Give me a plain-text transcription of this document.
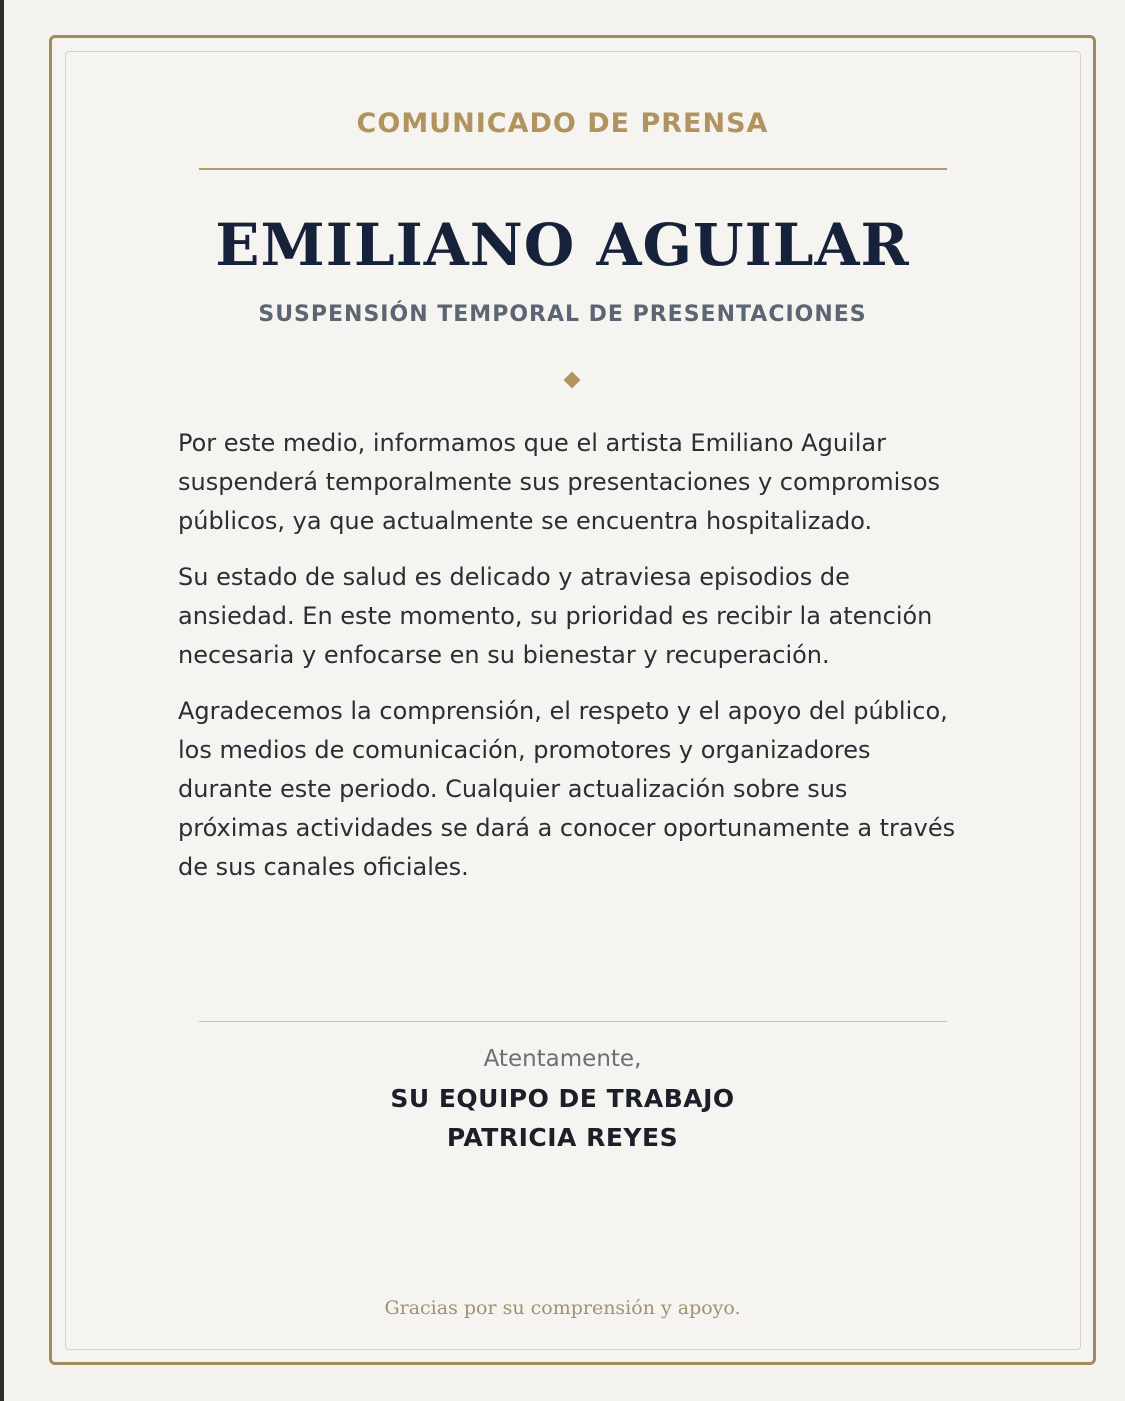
COMUNICADO DE PRENSA
EMILIANO AGUILAR
SUSPENSIÓN TEMPORAL DE PRESENTACIONES

Por este medio, informamos que el artista Emiliano Aguilar suspenderá temporalmente sus presentaciones y compromisos públicos, ya que actualmente se encuentra hospitalizado.

Su estado de salud es delicado y atraviesa episodios de ansiedad. En este momento, su prioridad es recibir la atención necesaria y enfocarse en su bienestar y recuperación.

Agradecemos la comprensión, el respeto y el apoyo del público, los medios de comunicación, promotores y organizadores durante este periodo. Cualquier actualización sobre sus próximas actividades se dará a conocer oportunamente a través de sus canales oficiales.

Atentamente,
SU EQUIPO DE TRABAJO
PATRICIA REYES
Gracias por su comprensión y apoyo.
